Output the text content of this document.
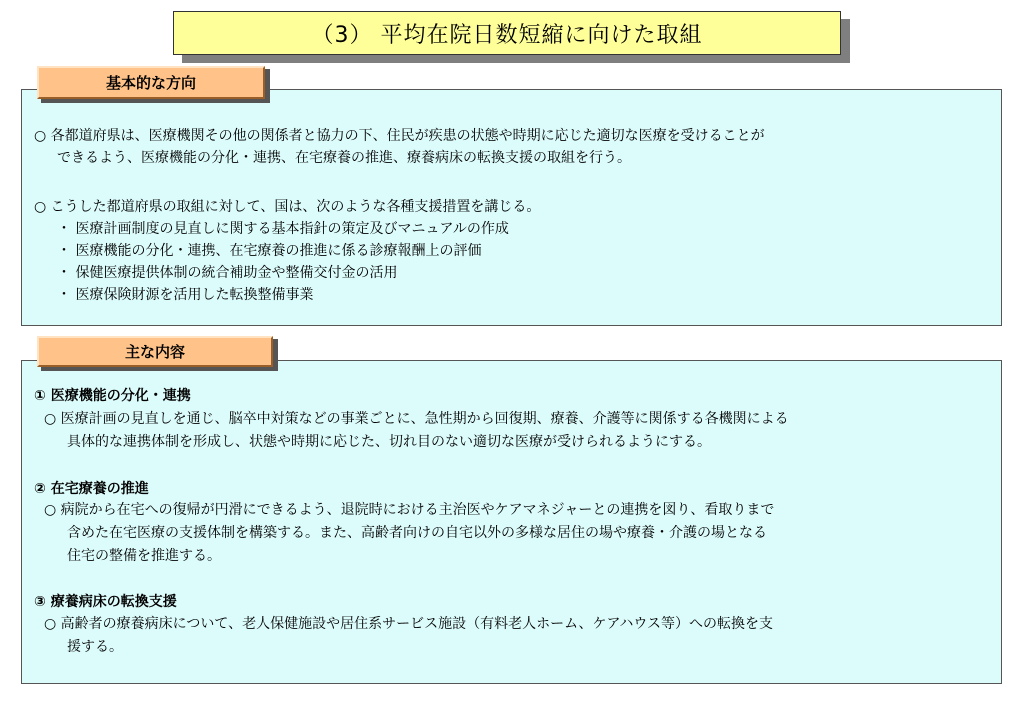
（3） 平均在院日数短縮に向けた取組
基本的な方向
○ 各都道府県は、医療機関その他の関係者と協力の下、住民が疾患の状態や時期に応じた適切な医療を受けることが
できるよう、医療機能の分化・連携、在宅療養の推進、療養病床の転換支援の取組を行う。
○ こうした都道府県の取組に対して、国は、次のような各種支援措置を講じる。
・ 医療計画制度の見直しに関する基本指針の策定及びマニュアルの作成
・ 医療機能の分化・連携、在宅療養の推進に係る診療報酬上の評価
・ 保健医療提供体制の統合補助金や整備交付金の活用
・ 医療保険財源を活用した転換整備事業
主な内容
① 医療機能の分化・連携
○ 医療計画の見直しを通じ、脳卒中対策などの事業ごとに、急性期から回復期、療養、介護等に関係する各機関による
具体的な連携体制を形成し、状態や時期に応じた、切れ目のない適切な医療が受けられるようにする。
② 在宅療養の推進
○ 病院から在宅への復帰が円滑にできるよう、退院時における主治医やケアマネジャーとの連携を図り、看取りまで
含めた在宅医療の支援体制を構築する。また、高齢者向けの自宅以外の多様な居住の場や療養・介護の場となる
住宅の整備を推進する。
③ 療養病床の転換支援
○ 高齢者の療養病床について、老人保健施設や居住系サービス施設（有料老人ホーム、ケアハウス等）への転換を支
援する。
